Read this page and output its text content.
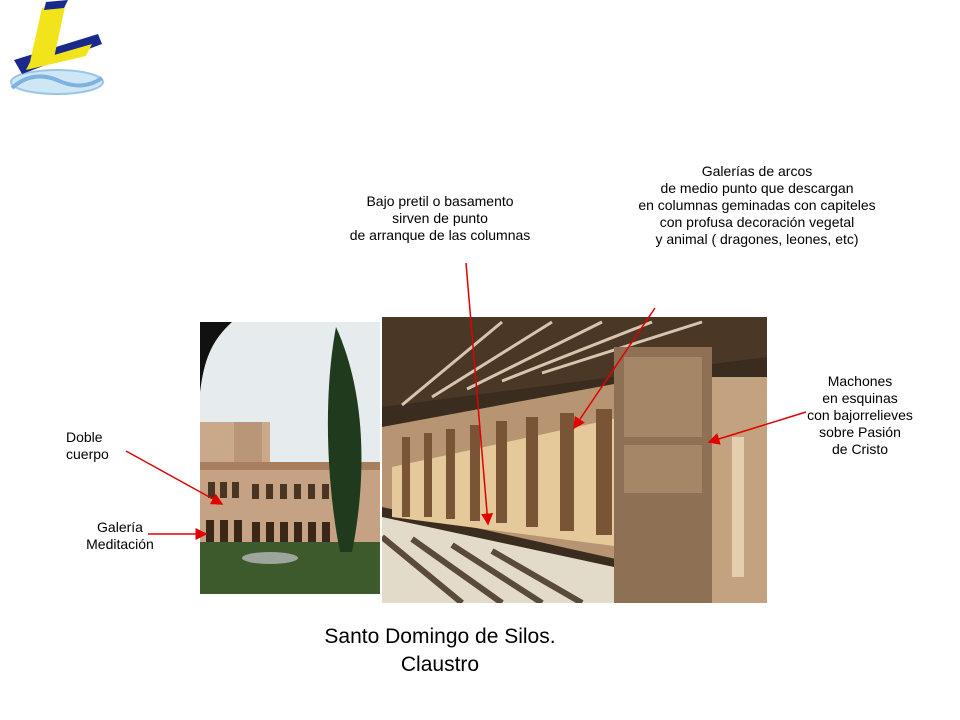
Galerías de arcos
de medio punto que descargan
en columnas geminadas con capiteles
con profusa decoración vegetal
y animal ( dragones, leones, etc)
Bajo pretil o basamento
sirven de punto
de arranque de las columnas
Machones
en esquinas
con bajorrelieves
sobre Pasión
de Cristo
Doble
cuerpo
Galería
Meditación
Santo Domingo de Silos.
Claustro
